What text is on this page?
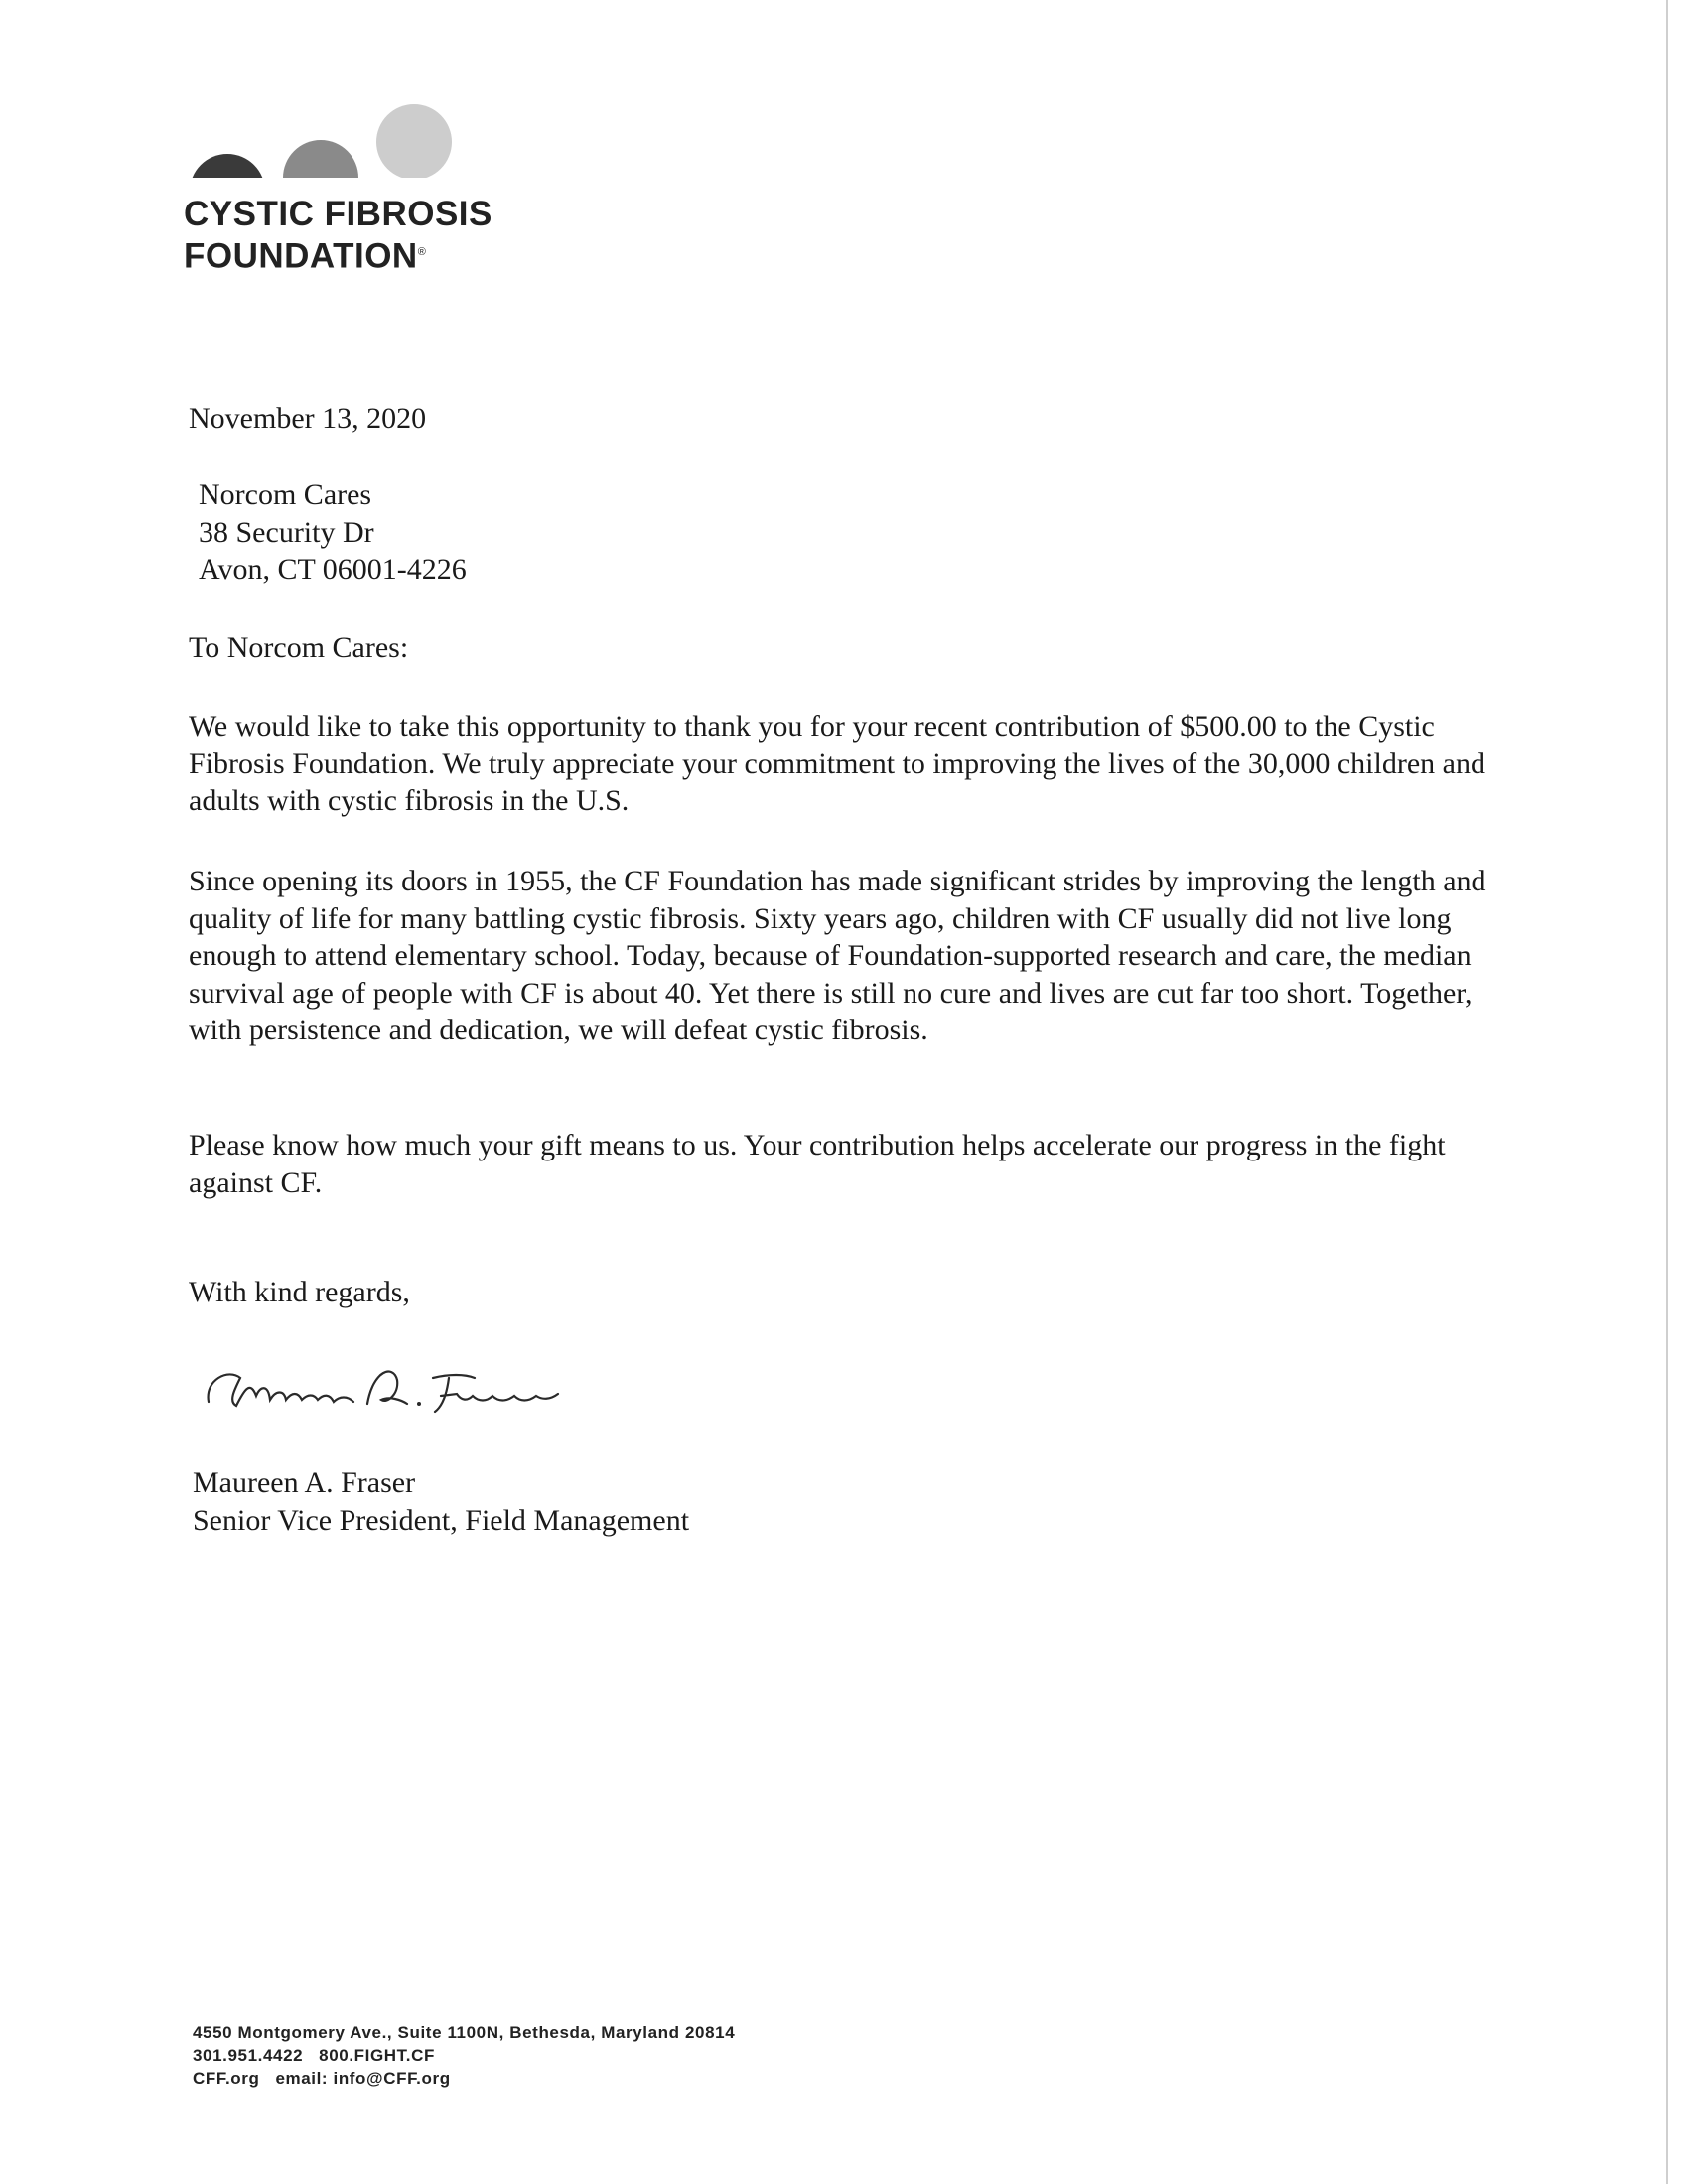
CYSTIC FIBROSIS
FOUNDATION®
November 13, 2020
Norcom Cares
38 Security Dr
Avon, CT 06001-4226
To Norcom Cares:
We would like to take this opportunity to thank you for your recent contribution of $500.00 to the Cystic Fibrosis Foundation. We truly appreciate your commitment to improving the lives of the 30,000 children and adults with cystic fibrosis in the U.S.
Since opening its doors in 1955, the CF Foundation has made significant strides by improving the length and quality of life for many battling cystic fibrosis. Sixty years ago, children with CF usually did not live long enough to attend elementary school. Today, because of Foundation-supported research and care, the median survival age of people with CF is about 40. Yet there is still no cure and lives are cut far too short. Together, with persistence and dedication, we will defeat cystic fibrosis.
Please know how much your gift means to us. Your contribution helps accelerate our progress in the fight against CF.
With kind regards,
Maureen A. Fraser
Senior Vice President, Field Management
4550 Montgomery Ave., Suite 1100N, Bethesda, Maryland 20814
301.951.4422   800.FIGHT.CF
CFF.org   email: info@CFF.org
